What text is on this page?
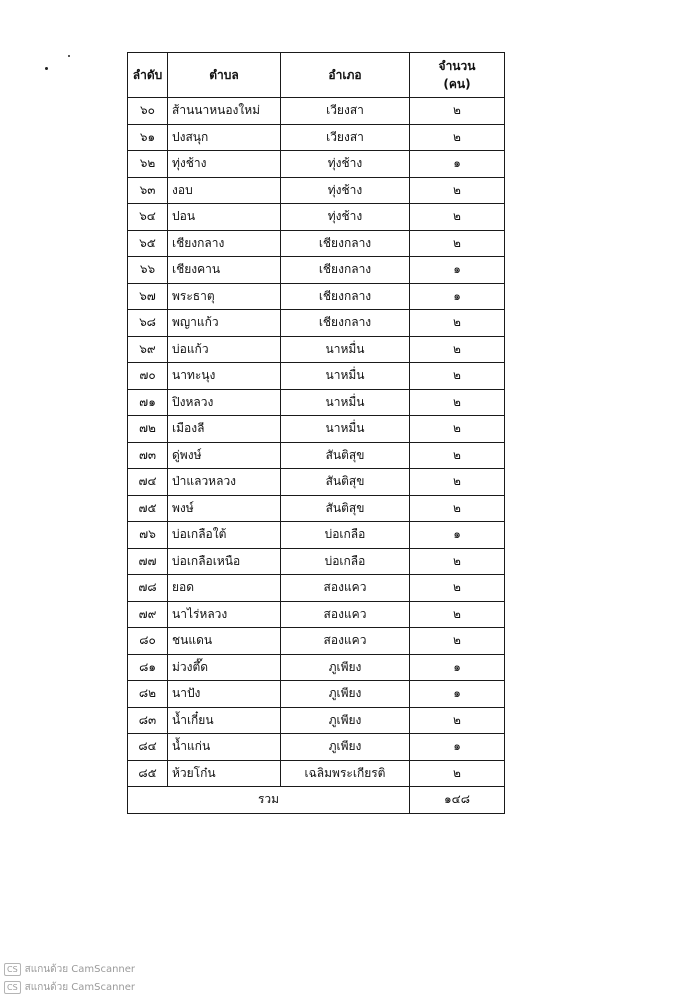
ลำดับ	ตำบล	อำเภอ	จำนวน
(คน)
๖๐	ส้านนาหนองใหม่	เวียงสา	๒
๖๑	ปงสนุก	เวียงสา	๒
๖๒	ทุ่งช้าง	ทุ่งช้าง	๑
๖๓	งอบ	ทุ่งช้าง	๒
๖๔	ปอน	ทุ่งช้าง	๒
๖๕	เชียงกลาง	เชียงกลาง	๒
๖๖	เชียงคาน	เชียงกลาง	๑
๖๗	พระธาตุ	เชียงกลาง	๑
๖๘	พญาแก้ว	เชียงกลาง	๒
๖๙	บ่อแก้ว	นาหมื่น	๒
๗๐	นาทะนุง	นาหมื่น	๒
๗๑	ปิงหลวง	นาหมื่น	๒
๗๒	เมืองลี	นาหมื่น	๒
๗๓	ดู่พงษ์	สันติสุข	๒
๗๔	ป่าแลวหลวง	สันติสุข	๒
๗๕	พงษ์	สันติสุข	๒
๗๖	บ่อเกลือใต้	บ่อเกลือ	๑
๗๗	บ่อเกลือเหนือ	บ่อเกลือ	๒
๗๘	ยอด	สองแคว	๒
๗๙	นาไร่หลวง	สองแคว	๒
๘๐	ชนแดน	สองแคว	๒
๘๑	ม่วงตึ๊ด	ภูเพียง	๑
๘๒	นาปัง	ภูเพียง	๑
๘๓	น้ำเกี๋ยน	ภูเพียง	๒
๘๔	น้ำแก่น	ภูเพียง	๑
๘๕	ห้วยโก๋น	เฉลิมพระเกียรติ	๒
รวม			๑๔๘
CS สแกนด้วย CamScanner
CS สแกนด้วย CamScanner
